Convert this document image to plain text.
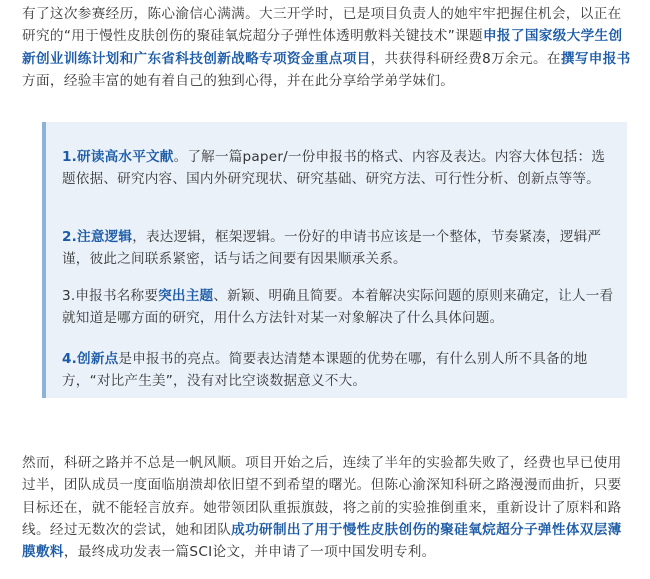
有了这次参赛经历，陈心渝信心满满。大三开学时，已是项目负责人的她牢牢把握住机会，以正在研究的“用于慢性皮肤创伤的聚硅氧烷超分子弹性体透明敷料关键技术”课题申报了国家级大学生创新创业训练计划和广东省科技创新战略专项资金重点项目，共获得科研经费8万余元。在撰写申报书方面，经验丰富的她有着自己的独到心得，并在此分享给学弟学妹们。

1.研读高水平文献。了解一篇paper/一份申报书的格式、内容及表达。内容大体包括：选题依据、研究内容、国内外研究现状、研究基础、研究方法、可行性分析、创新点等等。

2.注意逻辑，表达逻辑，框架逻辑。一份好的申请书应该是一个整体，节奏紧凑，逻辑严谨，彼此之间联系紧密，话与话之间要有因果顺承关系。

3.申报书名称要突出主题、新颖、明确且简要。本着解决实际问题的原则来确定，让人一看就知道是哪方面的研究，用什么方法针对某一对象解决了什么具体问题。

4.创新点是申报书的亮点。简要表达清楚本课题的优势在哪，有什么别人所不具备的地方，“对比产生美”，没有对比空谈数据意义不大。

然而，科研之路并不总是一帆风顺。项目开始之后，连续了半年的实验都失败了，经费也早已使用过半，团队成员一度面临崩溃却依旧望不到希望的曙光。但陈心渝深知科研之路漫漫而曲折，只要目标还在，就不能轻言放弃。她带领团队重振旗鼓，将之前的实验推倒重来，重新设计了原料和路线。经过无数次的尝试，她和团队成功研制出了用于慢性皮肤创伤的聚硅氧烷超分子弹性体双层薄膜敷料，最终成功发表一篇SCI论文，并申请了一项中国发明专利。
